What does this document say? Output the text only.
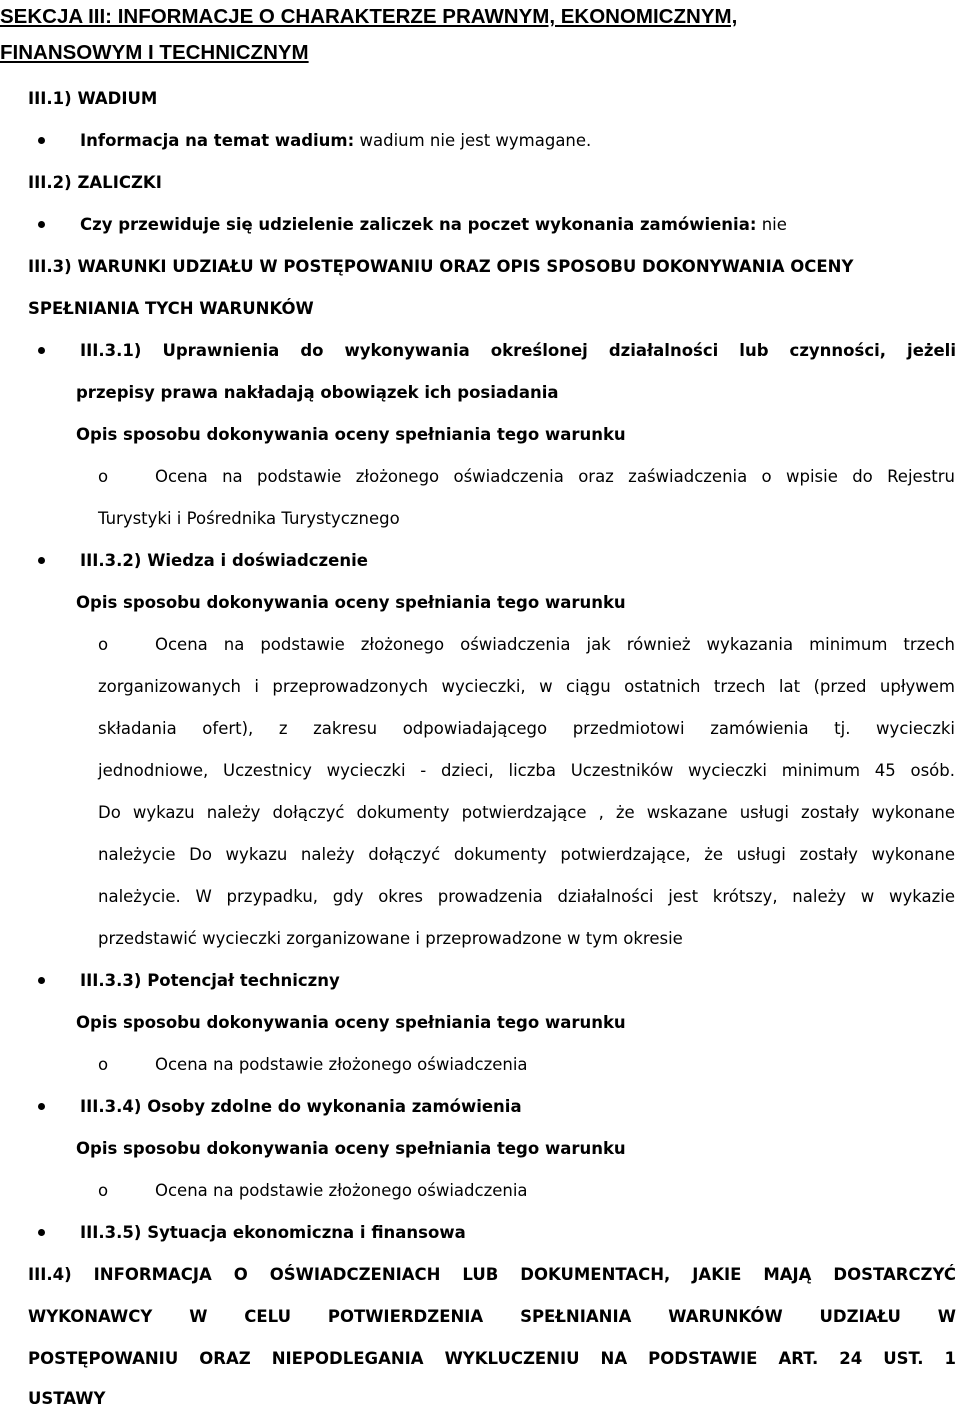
SEKCJA III: INFORMACJE O CHARAKTERZE PRAWNYM, EKONOMICZNYM,
FINANSOWYM I TECHNICZNYM
III.1) WADIUM
Informacja na temat wadium: wadium nie jest wymagane.
III.2) ZALICZKI
Czy przewiduje się udzielenie zaliczek na poczet wykonania zamówienia: nie
III.3) WARUNKI UDZIAŁU W POSTĘPOWANIU ORAZ OPIS SPOSOBU DOKONYWANIA OCENY
SPEŁNIANIA TYCH WARUNKÓW
III.3.1) Uprawnienia do wykonywania określonej działalności lub czynności, jeżeli
przepisy prawa nakładają obowiązek ich posiadania
Opis sposobu dokonywania oceny spełniania tego warunku
o	Ocena na podstawie złożonego oświadczenia oraz zaświadczenia o wpisie do Rejestru
Turystyki i Pośrednika Turystycznego
III.3.2) Wiedza i doświadczenie
Opis sposobu dokonywania oceny spełniania tego warunku
o	Ocena na podstawie złożonego oświadczenia jak również wykazania minimum trzech
zorganizowanych i przeprowadzonych wycieczki, w ciągu ostatnich trzech lat (przed upływem
składania ofert), z zakresu odpowiadającego przedmiotowi zamówienia tj. wycieczki
jednodniowe, Uczestnicy wycieczki - dzieci, liczba Uczestników wycieczki minimum 45 osób.
Do wykazu należy dołączyć dokumenty potwierdzające , że wskazane usługi zostały wykonane
należycie Do wykazu należy dołączyć dokumenty potwierdzające, że usługi zostały wykonane
należycie. W przypadku, gdy okres prowadzenia działalności jest krótszy, należy w wykazie
przedstawić wycieczki zorganizowane i przeprowadzone w tym okresie
III.3.3) Potencjał techniczny
Opis sposobu dokonywania oceny spełniania tego warunku
o	Ocena na podstawie złożonego oświadczenia
III.3.4) Osoby zdolne do wykonania zamówienia
Opis sposobu dokonywania oceny spełniania tego warunku
o	Ocena na podstawie złożonego oświadczenia
III.3.5) Sytuacja ekonomiczna i finansowa
III.4) INFORMACJA O OŚWIADCZENIACH LUB DOKUMENTACH, JAKIE MAJĄ DOSTARCZYĆ
WYKONAWCY W CELU POTWIERDZENIA SPEŁNIANIA WARUNKÓW UDZIAŁU W
POSTĘPOWANIU ORAZ NIEPODLEGANIA WYKLUCZENIU NA PODSTAWIE ART. 24 UST. 1
USTAWY
